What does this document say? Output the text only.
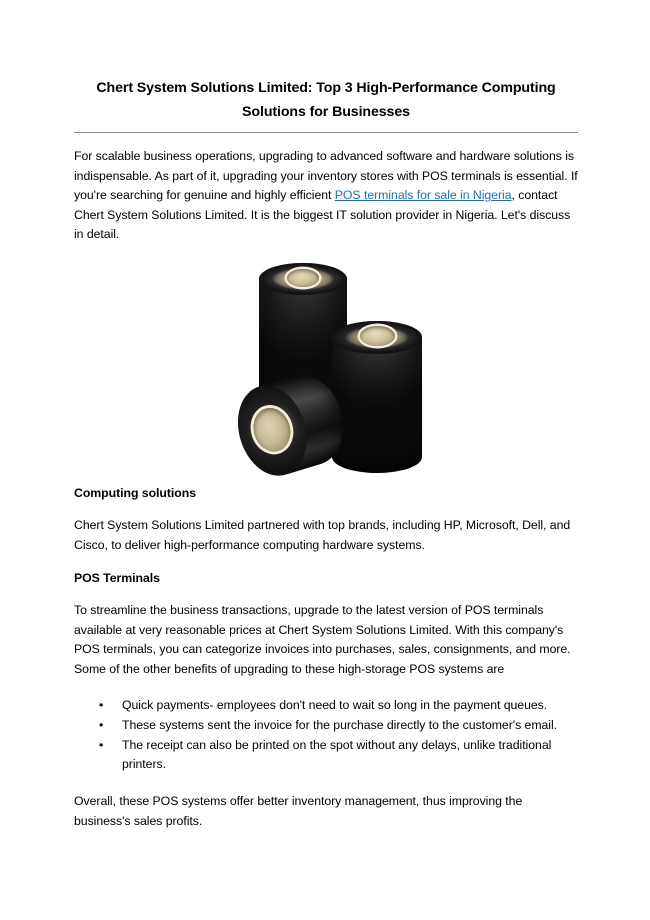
Chert System Solutions Limited: Top 3 High-Performance Computing Solutions for Businesses

For scalable business operations, upgrading to advanced software and hardware solutions is indispensable. As part of it, upgrading your inventory stores with POS terminals is essential. If you're searching for genuine and highly efficient POS terminals for sale in Nigeria, contact Chert System Solutions Limited. It is the biggest IT solution provider in Nigeria. Let's discuss in detail.

Computing solutions

Chert System Solutions Limited partnered with top brands, including HP, Microsoft, Dell, and Cisco, to deliver high-performance computing hardware systems.

POS Terminals

To streamline the business transactions, upgrade to the latest version of POS terminals available at very reasonable prices at Chert System Solutions Limited. With this company's POS terminals, you can categorize invoices into purchases, sales, consignments, and more. Some of the other benefits of upgrading to these high-storage POS systems are

• Quick payments- employees don't need to wait so long in the payment queues.
• These systems sent the invoice for the purchase directly to the customer's email.
• The receipt can also be printed on the spot without any delays, unlike traditional printers.

Overall, these POS systems offer better inventory management, thus improving the business's sales profits.
